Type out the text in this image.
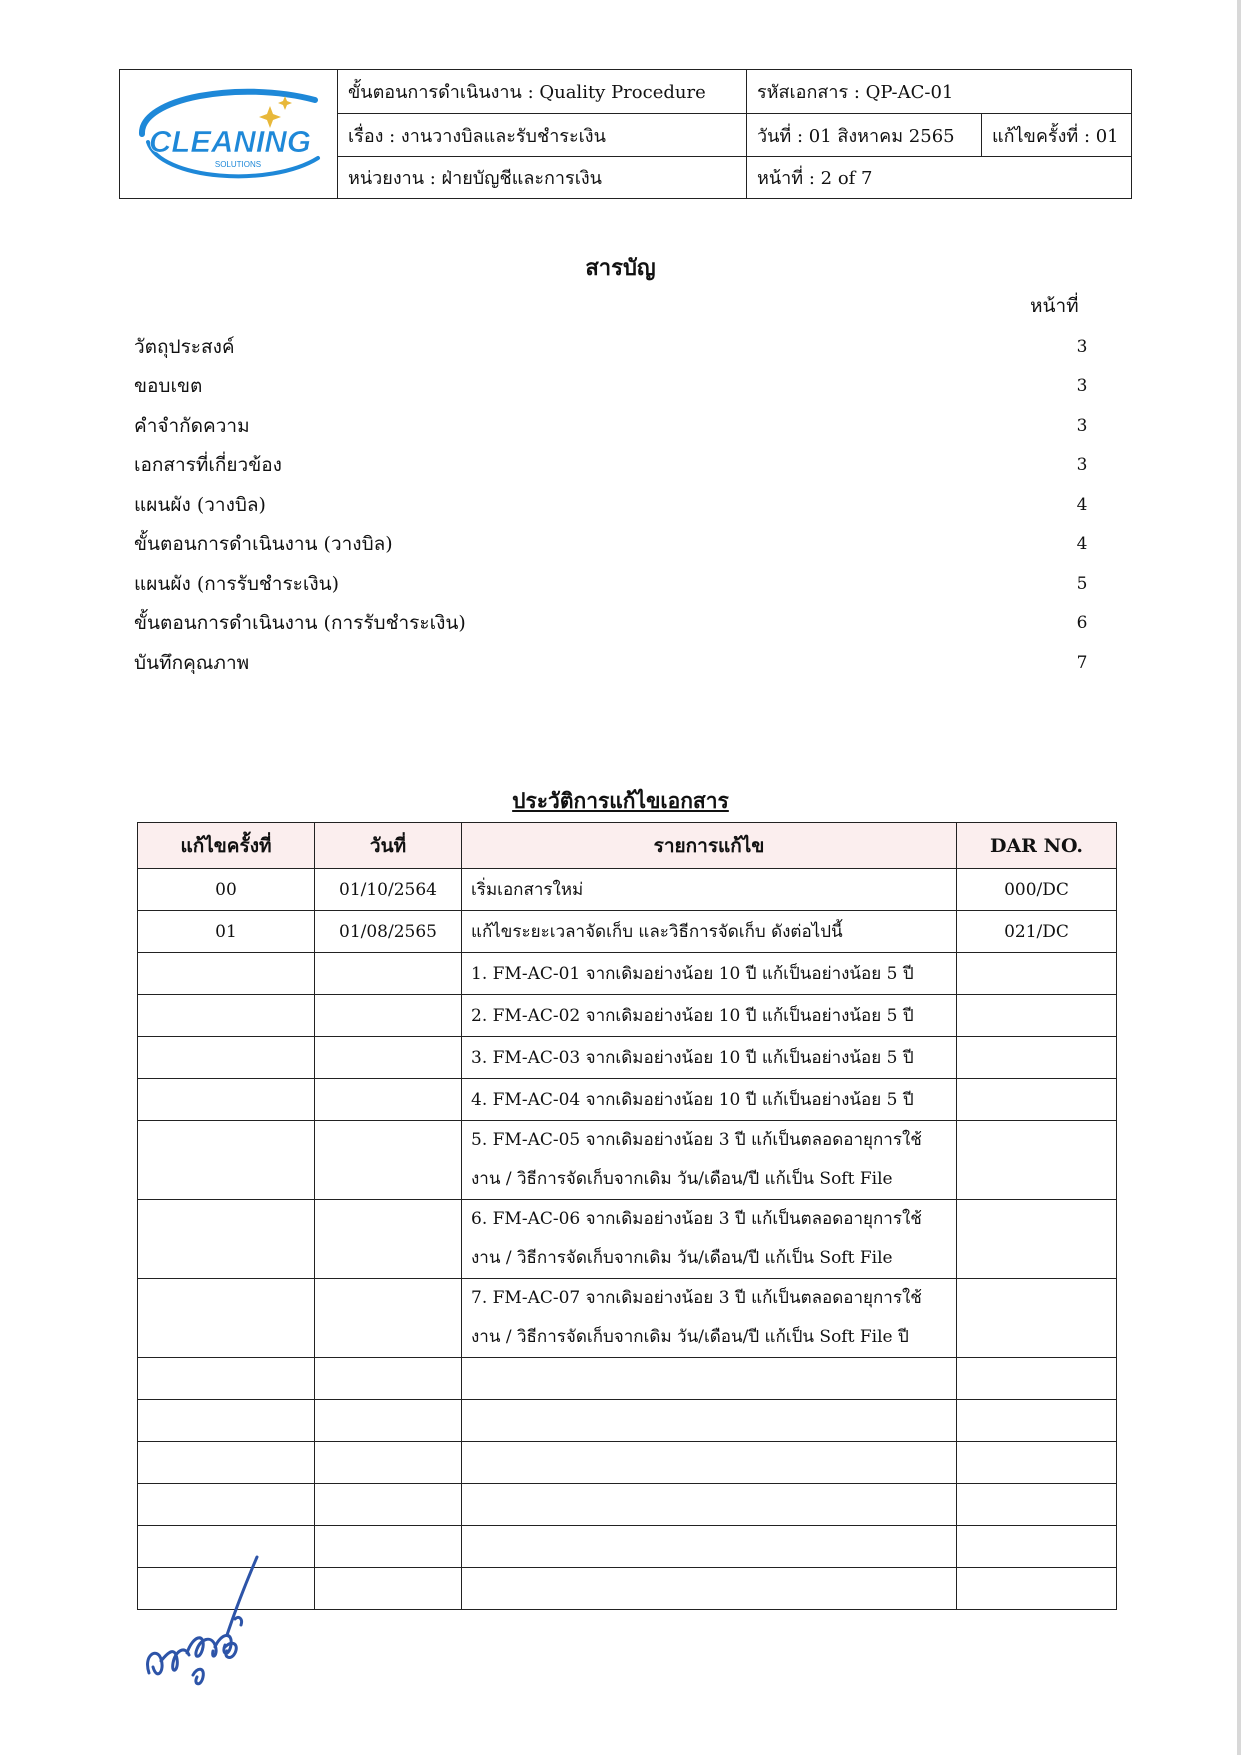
CLEANING
SOLUTIONS
ขั้นตอนการดำเนินงาน : Quality Procedure	รหัสเอกสาร : QP-AC-01
เรื่อง : งานวางบิลและรับชำระเงิน	วันที่ : 01 สิงหาคม 2565	แก้ไขครั้งที่ : 01
หน่วยงาน : ฝ่ายบัญชีและการเงิน	หน้าที่ : 2 of 7
สารบัญ
หน้าที่
วัตถุประสงค์	3
ขอบเขต	3
คำจำกัดความ	3
เอกสารที่เกี่ยวข้อง	3
แผนผัง (วางบิล)	4
ขั้นตอนการดำเนินงาน (วางบิล)	4
แผนผัง (การรับชำระเงิน)	5
ขั้นตอนการดำเนินงาน (การรับชำระเงิน)	6
บันทึกคุณภาพ	7
ประวัติการแก้ไขเอกสาร
แก้ไขครั้งที่	วันที่	รายการแก้ไข	DAR NO.
00	01/10/2564	เริ่มเอกสารใหม่	000/DC
01	01/08/2565	แก้ไขระยะเวลาจัดเก็บ และวิธีการจัดเก็บ ดังต่อไปนี้	021/DC
		1. FM-AC-01 จากเดิมอย่างน้อย 10 ปี แก้เป็นอย่างน้อย 5 ปี	
		2. FM-AC-02 จากเดิมอย่างน้อย 10 ปี แก้เป็นอย่างน้อย 5 ปี	
		3. FM-AC-03 จากเดิมอย่างน้อย 10 ปี แก้เป็นอย่างน้อย 5 ปี	
		4. FM-AC-04 จากเดิมอย่างน้อย 10 ปี แก้เป็นอย่างน้อย 5 ปี	
		5. FM-AC-05 จากเดิมอย่างน้อย 3 ปี แก้เป็นตลอดอายุการใช้งาน / วิธีการจัดเก็บจากเดิม วัน/เดือน/ปี แก้เป็น Soft File	
		6. FM-AC-06 จากเดิมอย่างน้อย 3 ปี แก้เป็นตลอดอายุการใช้งาน / วิธีการจัดเก็บจากเดิม วัน/เดือน/ปี แก้เป็น Soft File	
		7. FM-AC-07 จากเดิมอย่างน้อย 3 ปี แก้เป็นตลอดอายุการใช้งาน / วิธีการจัดเก็บจากเดิม วัน/เดือน/ปี แก้เป็น Soft File ปี	
